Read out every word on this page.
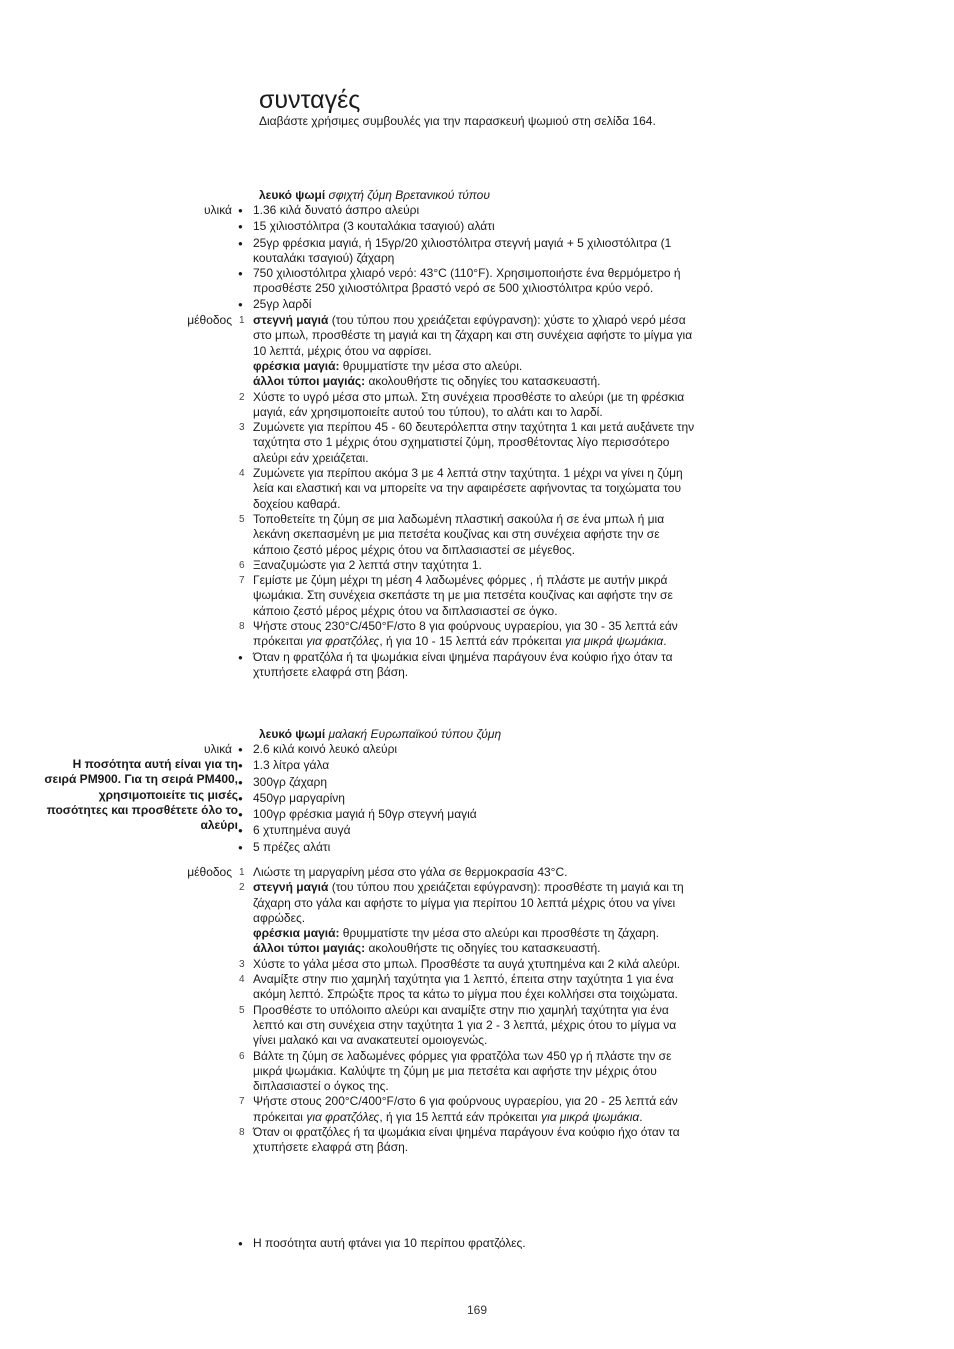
συνταγές
Διαβάστε χρήσιμες συμβουλές για την παρασκευή ψωμιού στη σελίδα 164.
λευκό ψωμί σφιχτή ζύμη Βρετανικού τύπου
υλικά ●	1.36 κιλά δυνατό άσπρο αλεύρι
●
15 χιλιοστόλιτρα (3 κουταλάκια τσαγιού) αλάτι
●
25γρ φρέσκια μαγιά, ή 15γρ/20 χιλιοστόλιτρα στεγνή μαγιά + 5 χιλιοστόλιτρα (1 κουταλάκι τσαγιού) ζάχαρη
●
750 χιλιοστόλιτρα χλιαρό νερό: 43°C (110°F). Χρησιμοποιήστε ένα θερμόμετρο ή προσθέστε 250 χιλιοστόλιτρα βραστό νερό σε 500 χιλιοστόλιτρα κρύο νερό.
●
25γρ λαρδί
μέθοδος 1 στεγνή μαγιά (του τύπου που χρειάζεται εφύγρανση): χύστε το χλιαρό νερό μέσα στο μπωλ, προσθέστε τη μαγιά και τη ζάχαρη και στη συνέχεια αφήστε το μίγμα για 10 λεπτά, μέχρις ότου να αφρίσει.
φρέσκια μαγιά: θρυμματίστε την μέσα στο αλεύρι.
άλλοι τύποι μαγιάς: ακολουθήστε τις οδηγίες του κατασκευαστή.
2 Χύστε το υγρό μέσα στο μπωλ. Στη συνέχεια προσθέστε το αλεύρι (με τη φρέσκια μαγιά, εάν χρησιμοποιείτε αυτού του τύπου), το αλάτι και το λαρδί.
3 Ζυμώνετε για περίπου 45 - 60 δευτερόλεπτα στην ταχύτητα 1 και μετά αυξάνετε την ταχύτητα στο 1 μέχρις ότου σχηματιστεί ζύμη, προσθέτοντας λίγο περισσότερο αλεύρι εάν χρειάζεται.
4 Ζυμώνετε για περίπου ακόμα 3 με 4 λεπτά στην ταχύτητα. 1 μέχρι να γίνει η ζύμη λεία και ελαστική και να μπορείτε να την αφαιρέσετε αφήνοντας τα τοιχώματα του δοχείου καθαρά.
5 Τοποθετείτε τη ζύμη σε μια λαδωμένη πλαστική σακούλα ή σε ένα μπωλ ή μια λεκάνη σκεπασμένη με μια πετσέτα κουζίνας και στη συνέχεια αφήστε την σε κάποιο ζεστό μέρος μέχρις ότου να διπλασιαστεί σε μέγεθος.
6 Ξαναζυμώστε για 2 λεπτά στην ταχύτητα 1.
7 Γεμίστε με ζύμη μέχρι τη μέση 4 λαδωμένες φόρμες , ή πλάστε με αυτήν μικρά ψωμάκια. Στη συνέχεια σκεπάστε τη με μια πετσέτα κουζίνας και αφήστε την σε κάποιο ζεστό μέρος μέχρις ότου να διπλασιαστεί σε όγκο.
8 Ψήστε στους 230°C/450°F/στο 8 για φούρνους υγραερίου, για 30 - 35 λεπτά εάν πρόκειται για φρατζόλες, ή για 10 - 15 λεπτά εάν πρόκειται για μικρά ψωμάκια.
●
Όταν η φρατζόλα ή τα ψωμάκια είναι ψημένα παράγουν ένα κούφιο ήχο όταν τα χτυπήσετε ελαφρά στη βάση.
λευκό ψωμί μαλακή Ευρωπαϊκού τύπου ζύμη
Η ποσότητα αυτή είναι για τη σειρά PM900. Για τη σειρά PM400, χρησιμοποιείτε τις μισές ποσότητες και προσθέτετε όλο το αλεύρι
υλικά ●	2.6 κιλά κοινό λευκό αλεύρι
●
1.3 λίτρα γάλα
●
300γρ ζάχαρη
●
450γρ μαργαρίνη
●
100γρ φρέσκια μαγιά ή 50γρ στεγνή μαγιά
●
6 χτυπημένα αυγά
●
5 πρέζες αλάτι
μέθοδος 1 Λιώστε τη μαργαρίνη μέσα στο γάλα σε θερμοκρασία 43°C.
2 στεγνή μαγιά (του τύπου που χρειάζεται εφύγρανση): προσθέστε τη μαγιά και τη ζάχαρη στο γάλα και αφήστε το μίγμα για περίπου 10 λεπτά μέχρις ότου να γίνει αφρώδες.
φρέσκια μαγιά: θρυμματίστε την μέσα στο αλεύρι και προσθέστε τη ζάχαρη.
άλλοι τύποι μαγιάς: ακολουθήστε τις οδηγίες του κατασκευαστή.
3 Χύστε το γάλα μέσα στο μπωλ. Προσθέστε τα αυγά χτυπημένα και 2 κιλά αλεύρι.
4 Αναμίξτε στην πιο χαμηλή ταχύτητα για 1 λεπτό, έπειτα στην ταχύτητα 1 για ένα ακόμη λεπτό. Σπρώξτε προς τα κάτω το μίγμα που έχει κολλήσει στα τοιχώματα.
5 Προσθέστε το υπόλοιπο αλεύρι και αναμίξτε στην πιο χαμηλή ταχύτητα για ένα λεπτό και στη συνέχεια στην ταχύτητα 1 για 2 - 3 λεπτά, μέχρις ότου το μίγμα να γίνει μαλακό και να ανακατευτεί ομοιογενώς.
6 Βάλτε τη ζύμη σε λαδωμένες φόρμες για φρατζόλα των 450 γρ ή πλάστε την σε μικρά ψωμάκια. Καλύψτε τη ζύμη με μια πετσέτα και αφήστε την μέχρις ότου διπλασιαστεί ο όγκος της.
7 Ψήστε στους 200°C/400°F/στο 6 για φούρνους υγραερίου, για 20 - 25 λεπτά εάν πρόκειται για φρατζόλες, ή για 15 λεπτά εάν πρόκειται για μικρά ψωμάκια.
8 Όταν οι φρατζόλες ή τα ψωμάκια είναι ψημένα παράγουν ένα κούφιο ήχο όταν τα χτυπήσετε ελαφρά στη βάση.
●
Η ποσότητα αυτή φτάνει για 10 περίπου φρατζόλες.
169
